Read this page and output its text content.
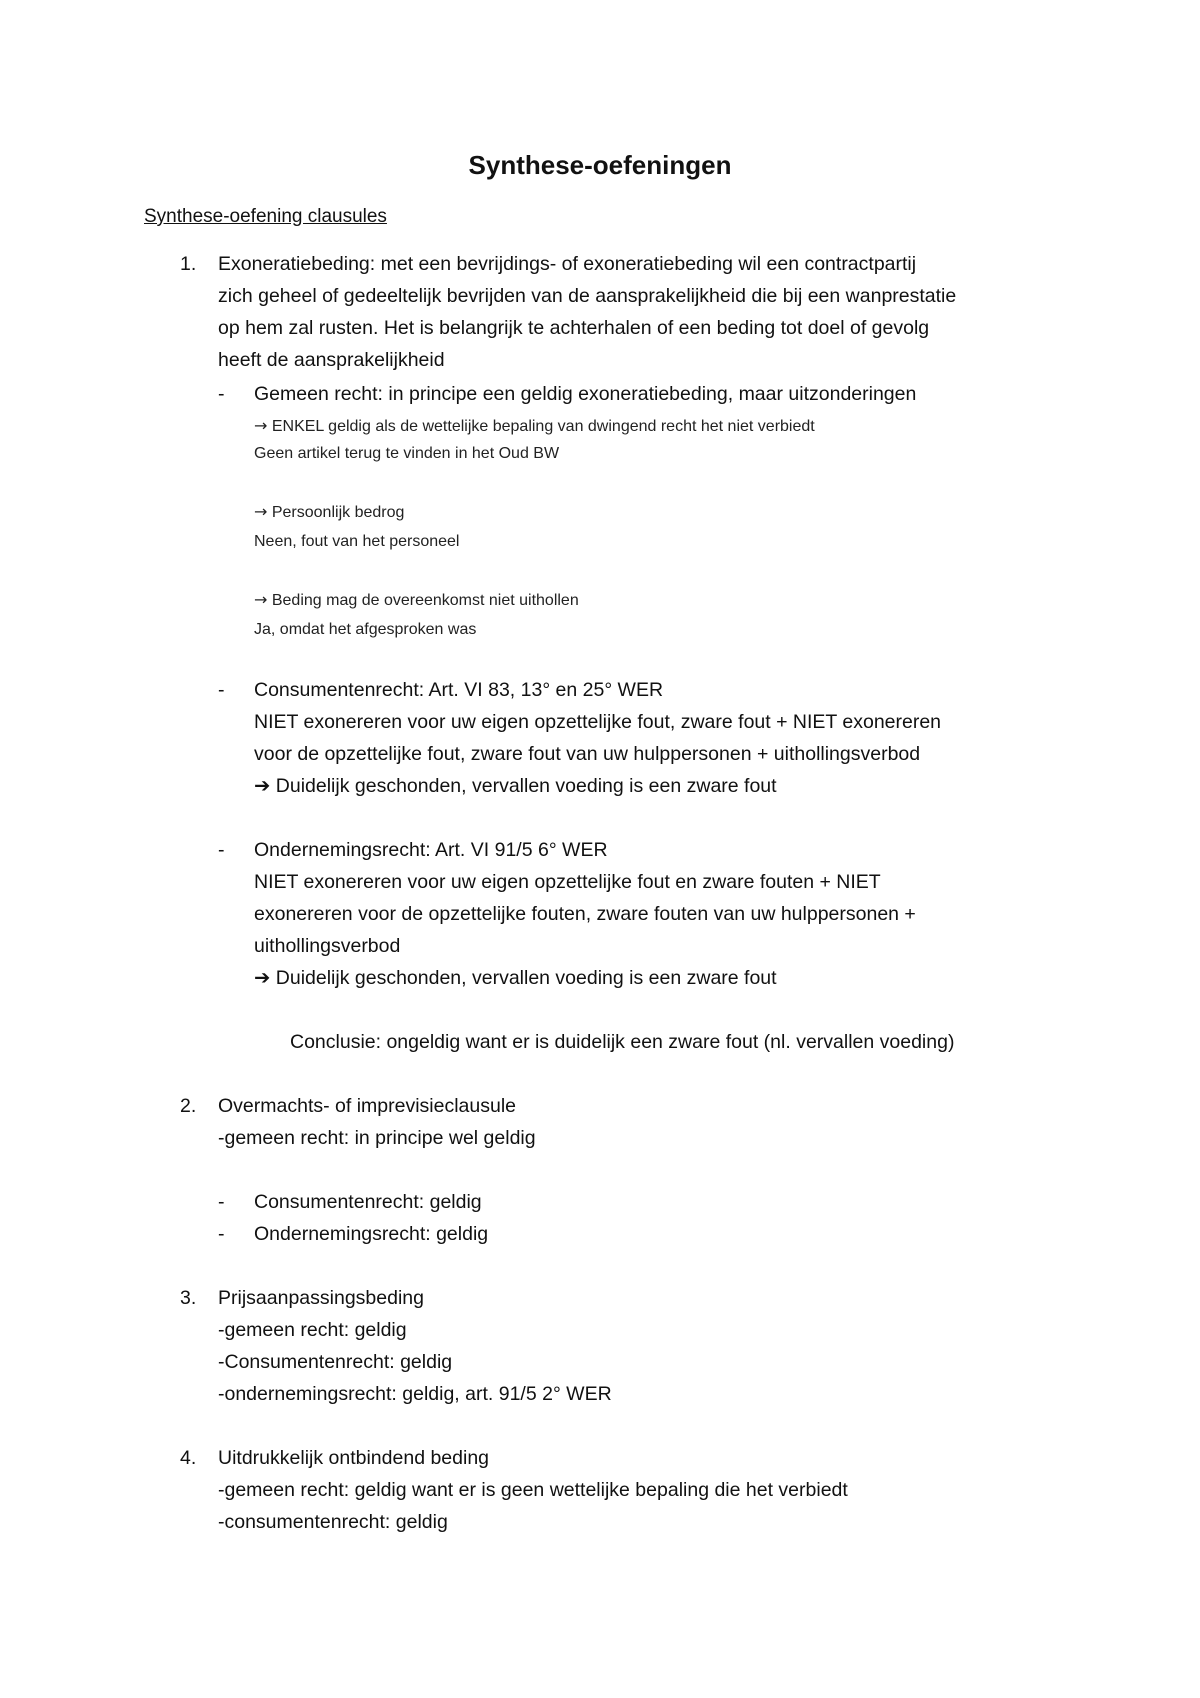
Synthese-oefeningen
Synthese-oefening clausules
1. Exoneratiebeding: met een bevrijdings- of exoneratiebeding wil een contractpartij
zich geheel of gedeeltelijk bevrijden van de aansprakelijkheid die bij een wanprestatie
op hem zal rusten. Het is belangrijk te achterhalen of een beding tot doel of gevolg
heeft de aansprakelijkheid
- Gemeen recht: in principe een geldig exoneratiebeding, maar uitzonderingen
→ ENKEL geldig als de wettelijke bepaling van dwingend recht het niet verbiedt
Geen artikel terug te vinden in het Oud BW
→ Persoonlijk bedrog
Neen, fout van het personeel
→ Beding mag de overeenkomst niet uithollen
Ja, omdat het afgesproken was
- Consumentenrecht: Art. VI 83, 13° en 25° WER
NIET exonereren voor uw eigen opzettelijke fout, zware fout + NIET exonereren
voor de opzettelijke fout, zware fout van uw hulppersonen + uithollingsverbod
➔ Duidelijk geschonden, vervallen voeding is een zware fout
- Ondernemingsrecht: Art. VI 91/5 6° WER
NIET exonereren voor uw eigen opzettelijke fout en zware fouten + NIET
exonereren voor de opzettelijke fouten, zware fouten van uw hulppersonen +
uithollingsverbod
➔ Duidelijk geschonden, vervallen voeding is een zware fout
Conclusie: ongeldig want er is duidelijk een zware fout (nl. vervallen voeding)
2. Overmachts- of imprevisieclausule
-gemeen recht: in principe wel geldig
- Consumentenrecht: geldig
- Ondernemingsrecht: geldig
3. Prijsaanpassingsbeding
-gemeen recht: geldig
-Consumentenrecht: geldig
-ondernemingsrecht: geldig, art. 91/5 2° WER
4. Uitdrukkelijk ontbindend beding
-gemeen recht: geldig want er is geen wettelijke bepaling die het verbiedt
-consumentenrecht: geldig
